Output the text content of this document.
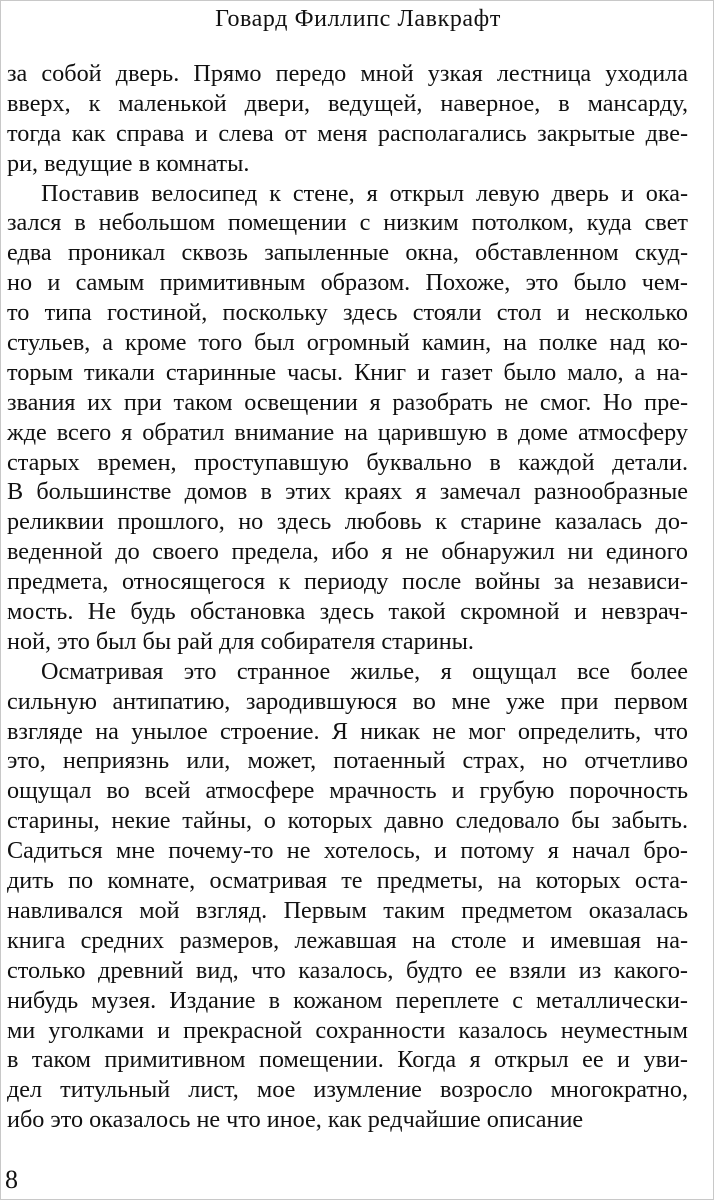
Говард Филлипс Лавкрафт
за собой дверь. Прямо передо мной узкая лестница уходила
вверх, к маленькой двери, ведущей, наверное, в мансарду,
тогда как справа и слева от меня располагались закрытые две-
ри, ведущие в комнаты.
Поставив велосипед к стене, я открыл левую дверь и ока-
зался в небольшом помещении с низким потолком, куда свет
едва проникал сквозь запыленные окна, обставленном скуд-
но и самым примитивным образом. Похоже, это было чем-
то типа гостиной, поскольку здесь стояли стол и несколько
стульев, а кроме того был огромный камин, на полке над ко-
торым тикали старинные часы. Книг и газет было мало, а на-
звания их при таком освещении я разобрать не смог. Но пре-
жде всего я обратил внимание на царившую в доме атмосферу
старых времен, проступавшую буквально в каждой детали.
В большинстве домов в этих краях я замечал разнообразные
реликвии прошлого, но здесь любовь к старине казалась до-
веденной до своего предела, ибо я не обнаружил ни единого
предмета, относящегося к периоду после войны за независи-
мость. Не будь обстановка здесь такой скромной и невзрач-
ной, это был бы рай для собирателя старины.
Осматривая это странное жилье, я ощущал все более
сильную антипатию, зародившуюся во мне уже при первом
взгляде на унылое строение. Я никак не мог определить, что
это, неприязнь или, может, потаенный страх, но отчетливо
ощущал во всей атмосфере мрачность и грубую порочность
старины, некие тайны, о которых давно следовало бы забыть.
Садиться мне почему-то не хотелось, и потому я начал бро-
дить по комнате, осматривая те предметы, на которых оста-
навливался мой взгляд. Первым таким предметом оказалась
книга средних размеров, лежавшая на столе и имевшая на-
столько древний вид, что казалось, будто ее взяли из какого-
нибудь музея. Издание в кожаном переплете с металлически-
ми уголками и прекрасной сохранности казалось неуместным
в таком примитивном помещении. Когда я открыл ее и уви-
дел титульный лист, мое изумление возросло многократно,
ибо это оказалось не что иное, как редчайшие описание
8
